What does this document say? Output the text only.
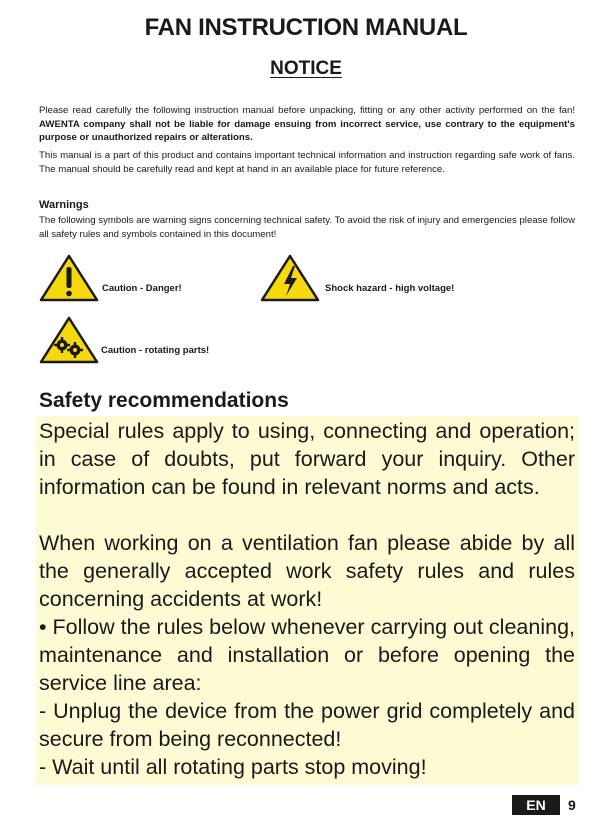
FAN INSTRUCTION MANUAL
NOTICE

Please read carefully the following instruction manual before unpacking, fitting or any other activity performed on the fan! AWENTA company shall not be liable for damage ensuing from incorrect service, use contrary to the equipment's purpose or unauthorized repairs or alterations.

This manual is a part of this product and contains important technical information and instruction regarding safe work of fans. The manual should be carefully read and kept at hand in an available place for future reference.

Warnings

The following symbols are warning signs concerning technical safety. To avoid the risk of injury and emergencies please follow all safety rules and symbols contained in this document!

Caution - Danger!	Shock hazard - high voltage!
Caution - rotating parts!
Safety recommendations

Special rules apply to using, connecting and operation; in case of doubts, put forward your inquiry. Other information can be found in relevant norms and acts.

When working on a ventilation fan please abide by all the generally accepted work safety rules and rules concerning accidents at work!

• Follow the rules below whenever carrying out cleaning, maintenance and installation or before opening the service line area:

- Unplug the device from the power grid completely and secure from being reconnected!

- Wait until all rotating parts stop moving!

EN	9
